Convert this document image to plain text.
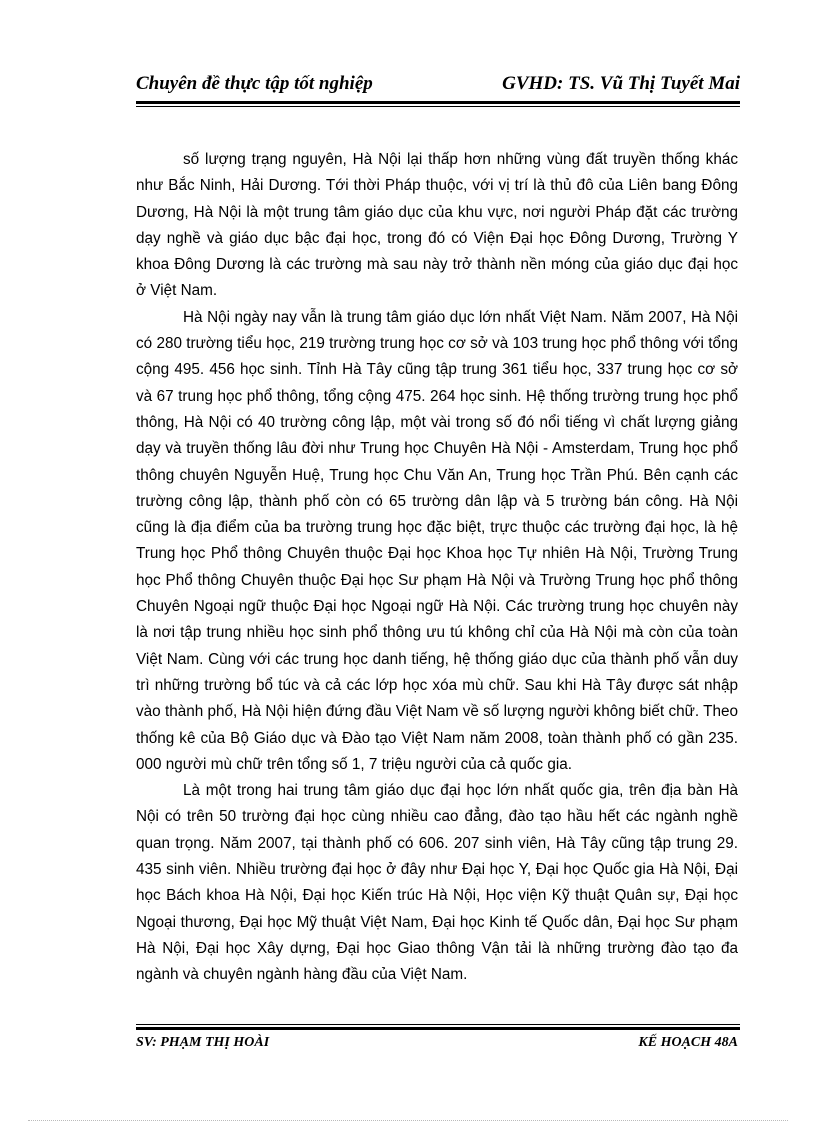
Chuyên đề thực tập tốt nghiệp	GVHD: TS. Vũ Thị Tuyết Mai

số lượng trạng nguyên, Hà Nội lại thấp hơn những vùng đất truyền thống khác như Bắc Ninh, Hải Dương. Tới thời Pháp thuộc, với vị trí là thủ đô của Liên bang Đông Dương, Hà Nội là một trung tâm giáo dục của khu vực, nơi người Pháp đặt các trường dạy nghề và giáo dục bậc đại học, trong đó có Viện Đại học Đông Dương, Trường Y khoa Đông Dương là các trường mà sau này trở thành nền móng của giáo dục đại học ở Việt Nam.

Hà Nội ngày nay vẫn là trung tâm giáo dục lớn nhất Việt Nam. Năm 2007, Hà Nội có 280 trường tiểu học, 219 trường trung học cơ sở và 103 trung học phổ thông với tổng cộng 495. 456 học sinh. Tỉnh Hà Tây cũng tập trung 361 tiểu học, 337 trung học cơ sở và 67 trung học phổ thông, tổng cộng 475. 264 học sinh. Hệ thống trường trung học phổ thông, Hà Nội có 40 trường công lập, một vài trong số đó nổi tiếng vì chất lượng giảng dạy và truyền thống lâu đời như Trung học Chuyên Hà Nội - Amsterdam, Trung học phổ thông chuyên Nguyễn Huệ, Trung học Chu Văn An, Trung học Trần Phú. Bên cạnh các trường công lập, thành phố còn có 65 trường dân lập và 5 trường bán công. Hà Nội cũng là địa điểm của ba trường trung học đặc biệt, trực thuộc các trường đại học, là hệ Trung học Phổ thông Chuyên thuộc Đại học Khoa học Tự nhiên Hà Nội, Trường Trung học Phổ thông Chuyên thuộc Đại học Sư phạm Hà Nội và Trường Trung học phổ thông Chuyên Ngoại ngữ thuộc Đại học Ngoại ngữ Hà Nội. Các trường trung học chuyên này là nơi tập trung nhiều học sinh phổ thông ưu tú không chỉ của Hà Nội mà còn của toàn Việt Nam. Cùng với các trung học danh tiếng, hệ thống giáo dục của thành phố vẫn duy trì những trường bổ túc và cả các lớp học xóa mù chữ. Sau khi Hà Tây được sát nhập vào thành phố, Hà Nội hiện đứng đầu Việt Nam về số lượng người không biết chữ. Theo thống kê của Bộ Giáo dục và Đào tạo Việt Nam năm 2008, toàn thành phố có gần 235. 000 người mù chữ trên tổng số 1, 7 triệu người của cả quốc gia.

Là một trong hai trung tâm giáo dục đại học lớn nhất quốc gia, trên địa bàn Hà Nội có trên 50 trường đại học cùng nhiều cao đẳng, đào tạo hầu hết các ngành nghề quan trọng. Năm 2007, tại thành phố có 606. 207 sinh viên, Hà Tây cũng tập trung 29. 435 sinh viên. Nhiều trường đại học ở đây như Đại học Y, Đại học Quốc gia Hà Nội, Đại học Bách khoa Hà Nội, Đại học Kiến trúc Hà Nội, Học viện Kỹ thuật Quân sự, Đại học Ngoại thương, Đại học Mỹ thuật Việt Nam, Đại học Kinh tế Quốc dân, Đại học Sư phạm Hà Nội, Đại học Xây dựng, Đại học Giao thông Vận tải là những trường đào tạo đa ngành và chuyên ngành hàng đầu của Việt Nam.

SV: PHẠM THỊ HOÀI	KẾ HOẠCH 48A
